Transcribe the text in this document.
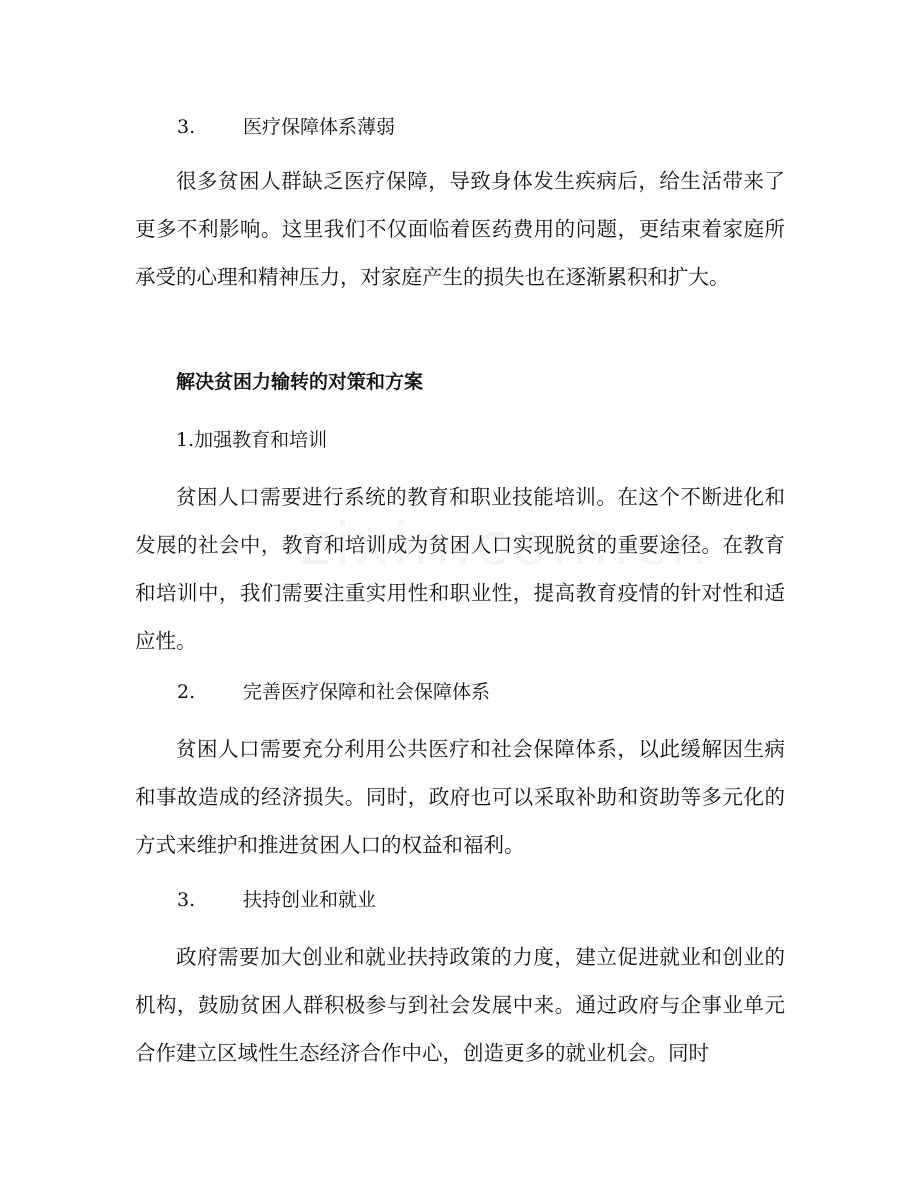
3.	医疗保障体系薄弱

很多贫困人群缺乏医疗保障，导致身体发生疾病后，给生活带来了更多不利影响。这里我们不仅面临着医药费用的问题，更结束着家庭所承受的心理和精神压力，对家庭产生的损失也在逐渐累积和扩大。

解决贫困力输转的对策和方案

1.加强教育和培训

贫困人口需要进行系统的教育和职业技能培训。在这个不断进化和发展的社会中，教育和培训成为贫困人口实现脱贫的重要途径。在教育和培训中，我们需要注重实用性和职业性，提高教育疫情的针对性和适应性。

2.	完善医疗保障和社会保障体系

贫困人口需要充分利用公共医疗和社会保障体系，以此缓解因生病和事故造成的经济损失。同时，政府也可以采取补助和资助等多元化的方式来维护和推进贫困人口的权益和福利。

3.	扶持创业和就业

政府需要加大创业和就业扶持政策的力度，建立促进就业和创业的机构，鼓励贫困人群积极参与到社会发展中来。通过政府与企事业单元合作建立区域性生态经济合作中心，创造更多的就业机会。同时
